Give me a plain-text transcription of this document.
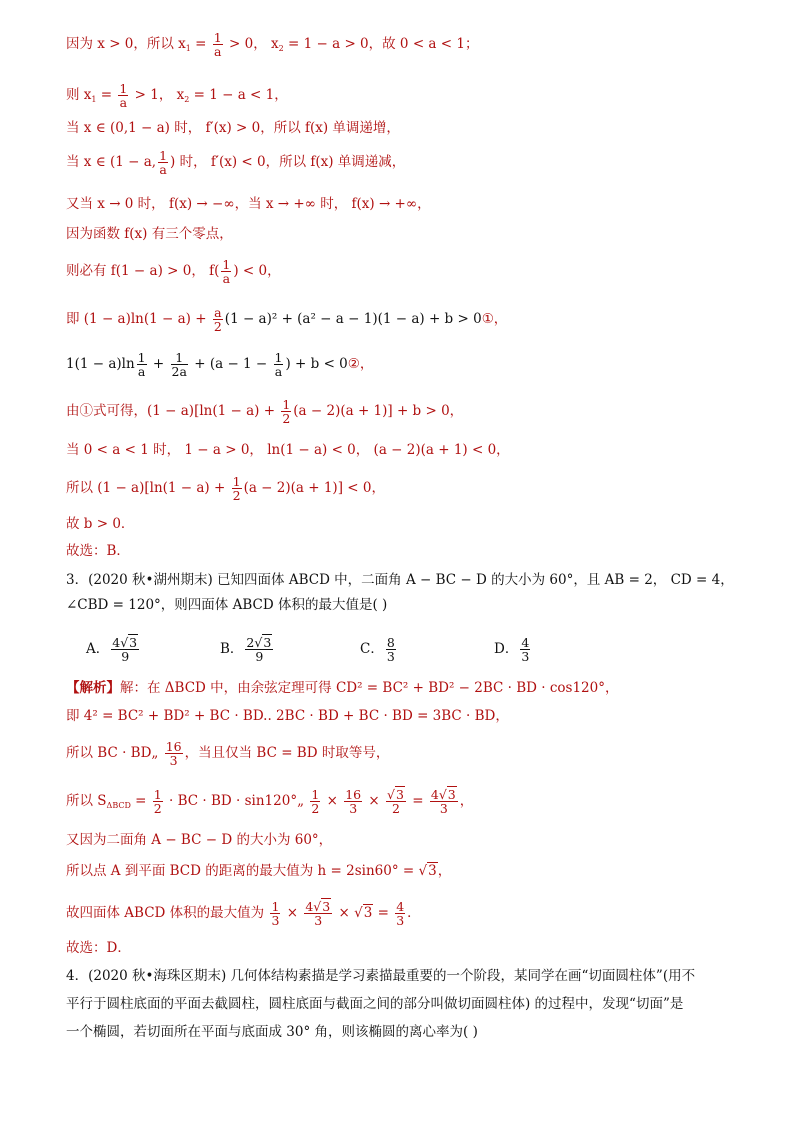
因为 x > 0，所以 $x_1 = \frac{1}{a} > 0$， $x_2 = 1 - a > 0$，故 0 < a < 1；
则 $x_1 = \frac{1}{a} > 1$， $x_2 = 1 - a < 1$，
当 x ∈ (0,1 − a) 时， f′(x) > 0，所以 f(x) 单调递增，
当 x ∈ (1 − a, $\frac{1}{a}$ ) 时， f′(x) < 0，所以 f(x) 单调递减，
又当 x → 0 时， f(x) → −∞，当 x → +∞ 时， f(x) → +∞，
因为函数 f(x) 有三个零点，
则必有 f(1 − a) > 0， $f( \frac{1}{a}$ ) < 0，
即 $(1 - a)\ln(1 - a) + \frac{a}{2} (1 - a)^2 + (a^2 - a - 1)(1 - a) + b$ > 0①，
$1(1 - a)\ln \frac{1}{a} + \frac{1}{2a} + (a - 1 - \frac{1}{a}$ ) + b < 0②，
由①式可得，$(1 - a)[\ln(1 - a) + \frac{1}{2} (a - 2)(a + 1)] + b > 0$，
当 0 < a < 1 时， 1 − a > 0， ln(1 − a) < 0， (a − 2)(a + 1) < 0，
所以 $(1 - a)[\ln(1 - a) + \frac{1}{2} (a - 2)(a + 1)] < 0$，
故 b > 0．
故选：B．
3．(2020 秋•湖州期末) 已知四面体 ABCD 中，二面角 A − BC − D 的大小为 60°，且 AB = 2， CD = 4，
∠CBD = 120°，则四面体 ABCD 体积的最大值是( )
A． $\frac{4√3}{9}$	B． $\frac{2√3}{9}$	C． $\frac{8}{3}$	D． $\frac{4}{3}$
【解析】解：在 ΔBCD 中，由余弦定理可得 CD² = BC² + BD² − 2BC · BD · cos120°，
即 4² = BC² + BD² + BC · BD.. 2BC · BD + BC · BD = 3BC · BD，
所以 BC · BD„ $\frac{16}{3}$ ，当且仅当 BC = BD 时取等号，
所以 $S_{\Delta BCD} = \frac{1}{2}$ · BC · BD · sin120°„ $\frac{1}{2} \times \frac{16}{3} \times \frac{√3}{2} = \frac{4√3}{3}$ ，
又因为二面角 A − BC − D 的大小为 60°，
所以点 A 到平面 BCD 的距离的最大值为 h = 2sin60° = √3，
故四面体 ABCD 体积的最大值为 $\frac{1}{3} \times \frac{4√3}{3} \times √3 = \frac{4}{3}$ ．
故选：D．
4．(2020 秋•海珠区期末) 几何体结构素描是学习素描最重要的一个阶段，某同学在画“切面圆柱体”(用不
平行于圆柱底面的平面去截圆柱，圆柱底面与截面之间的部分叫做切面圆柱体) 的过程中，发现“切面”是
一个椭圆，若切面所在平面与底面成 30° 角，则该椭圆的离心率为( )
